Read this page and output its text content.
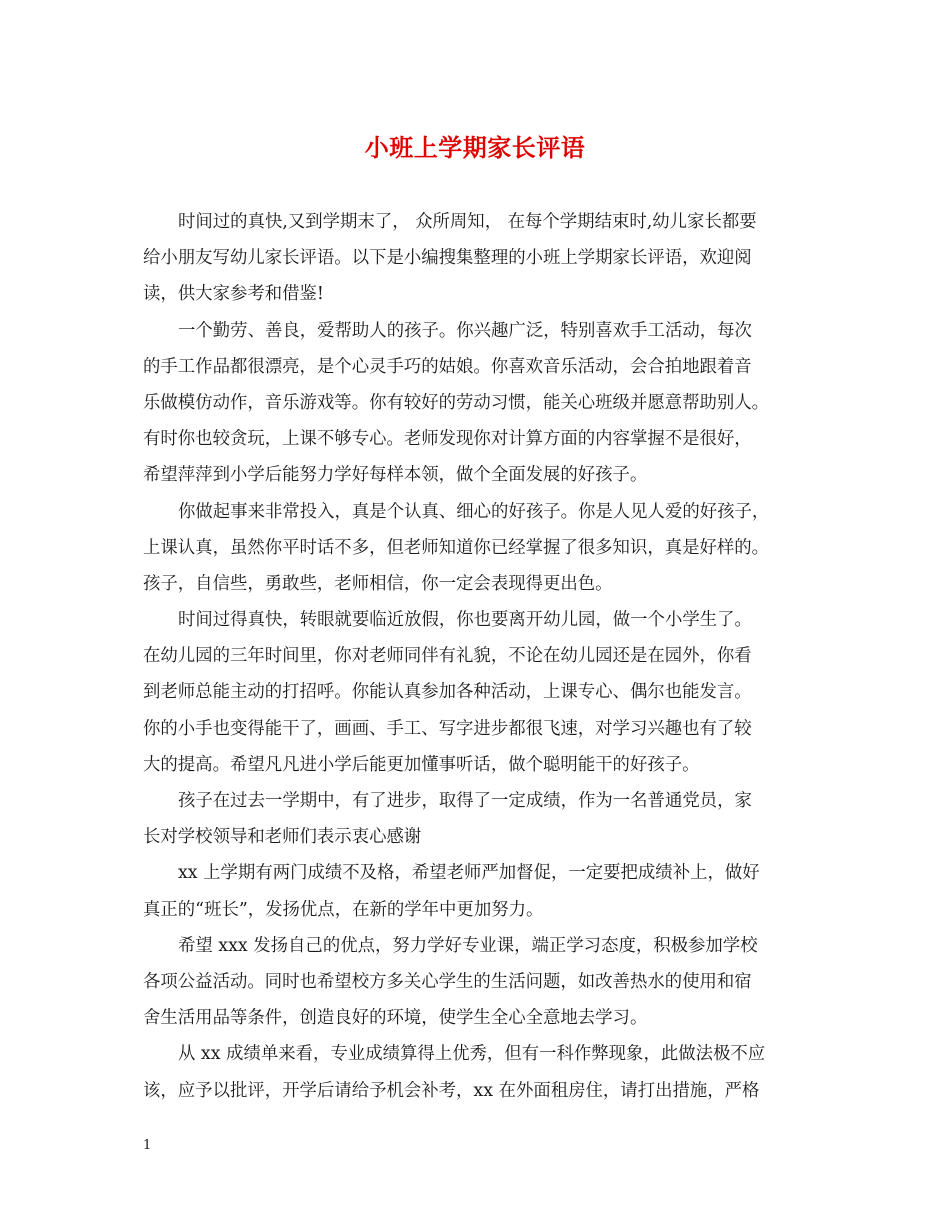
小班上学期家长评语
时间过的真快,又到学期末了， 众所周知， 在每个学期结束时,幼儿家长都要
给小朋友写幼儿家长评语。以下是小编搜集整理的小班上学期家长评语，欢迎阅
读，供大家参考和借鉴!
一个勤劳、善良，爱帮助人的孩子。你兴趣广泛，特别喜欢手工活动，每次
的手工作品都很漂亮，是个心灵手巧的姑娘。你喜欢音乐活动，会合拍地跟着音
乐做模仿动作，音乐游戏等。你有较好的劳动习惯，能关心班级并愿意帮助别人。
有时你也较贪玩，上课不够专心。老师发现你对计算方面的内容掌握不是很好，
希望萍萍到小学后能努力学好每样本领，做个全面发展的好孩子。
你做起事来非常投入，真是个认真、细心的好孩子。你是人见人爱的好孩子，
上课认真，虽然你平时话不多，但老师知道你已经掌握了很多知识，真是好样的。
孩子，自信些，勇敢些，老师相信，你一定会表现得更出色。
时间过得真快，转眼就要临近放假，你也要离开幼儿园，做一个小学生了。
在幼儿园的三年时间里，你对老师同伴有礼貌，不论在幼儿园还是在园外，你看
到老师总能主动的打招呼。你能认真参加各种活动，上课专心、偶尔也能发言。
你的小手也变得能干了，画画、手工、写字进步都很飞速，对学习兴趣也有了较
大的提高。希望凡凡进小学后能更加懂事听话，做个聪明能干的好孩子。
孩子在过去一学期中，有了进步，取得了一定成绩，作为一名普通党员，家
长对学校领导和老师们表示衷心感谢
xx 上学期有两门成绩不及格，希望老师严加督促，一定要把成绩补上，做好
真正的“班长”，发扬优点，在新的学年中更加努力。
希望 xxx 发扬自己的优点，努力学好专业课，端正学习态度，积极参加学校
各项公益活动。同时也希望校方多关心学生的生活问题，如改善热水的使用和宿
舍生活用品等条件，创造良好的环境，使学生全心全意地去学习。
从 xx 成绩单来看，专业成绩算得上优秀，但有一科作弊现象，此做法极不应
该，应予以批评，开学后请给予机会补考，xx 在外面租房住，请打出措施，严格
1
